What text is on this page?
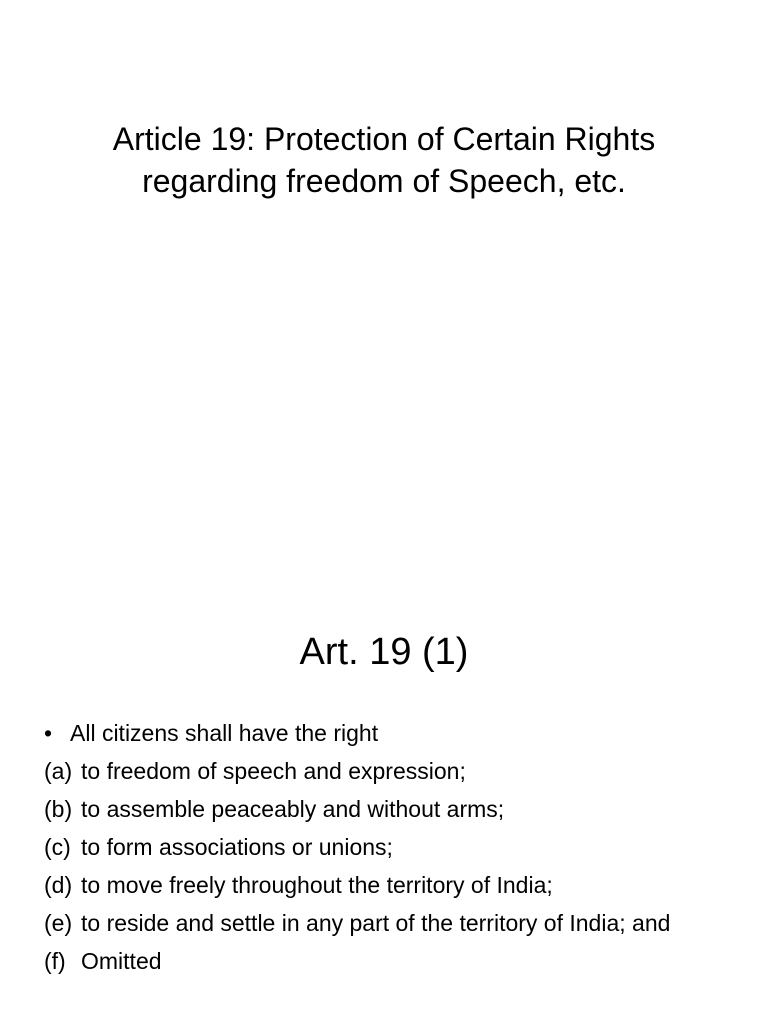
Article 19: Protection of Certain Rights
regarding freedom of Speech, etc.
Art. 19 (1)
• All citizens shall have the right
(a) to freedom of speech and expression;
(b) to assemble peaceably and without arms;
(c) to form associations or unions;
(d) to move freely throughout the territory of India;
(e) to reside and settle in any part of the territory of India; and
(f) Omitted
